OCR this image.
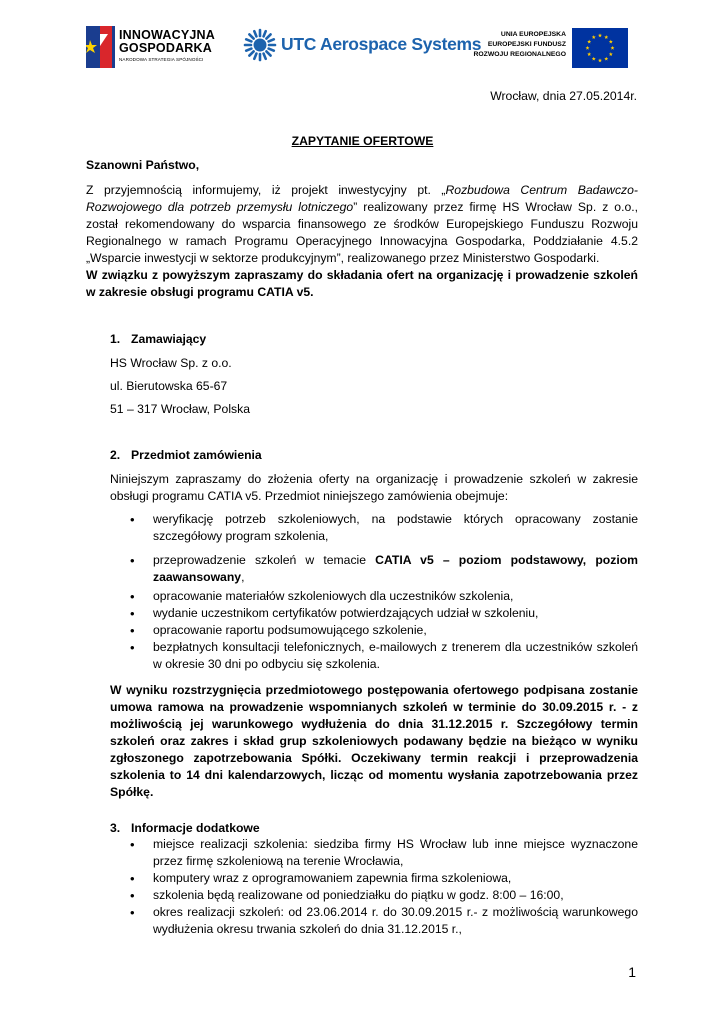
INNOWACYJNA
GOSPODARKA
NARODOWA STRATEGIA SPÓJNOŚCI
UTC Aerospace Systems	UNIA EUROPEJSKA
EUROPEJSKI FUNDUSZ
ROZWOJU REGIONALNEGO
Wrocław, dnia 27.05.2014r.
ZAPYTANIE OFERTOWE
Szanowni Państwo,
Z przyjemnością informujemy, iż projekt inwestycyjny pt. „Rozbudowa Centrum Badawczo-Rozwojowego dla potrzeb przemysłu lotniczego” realizowany przez firmę HS Wrocław Sp. z o.o., został rekomendowany do wsparcia finansowego ze środków Europejskiego Funduszu Rozwoju Regionalnego w ramach Programu Operacyjnego Innowacyjna Gospodarka, Poddziałanie 4.5.2 „Wsparcie inwestycji w sektorze produkcyjnym”, realizowanego przez Ministerstwo Gospodarki.
W związku z powyższym zapraszamy do składania ofert na organizację i prowadzenie szkoleń w zakresie obsługi programu CATIA v5.
1. Zamawiający
HS Wrocław Sp. z o.o.
ul. Bierutowska 65-67
51 – 317 Wrocław, Polska
2. Przedmiot zamówienia
Niniejszym zapraszamy do złożenia oferty na organizację i prowadzenie szkoleń w zakresie obsługi programu CATIA v5. Przedmiot niniejszego zamówienia obejmuje:
• weryfikację potrzeb szkoleniowych, na podstawie których opracowany zostanie szczegółowy program szkolenia,
• przeprowadzenie szkoleń w temacie CATIA v5 – poziom podstawowy, poziom zaawansowany,
• opracowanie materiałów szkoleniowych dla uczestników szkolenia,
• wydanie uczestnikom certyfikatów potwierdzających udział w szkoleniu,
• opracowanie raportu podsumowującego szkolenie,
• bezpłatnych konsultacji telefonicznych, e-mailowych z trenerem dla uczestników szkoleń w okresie 30 dni po odbyciu się szkolenia.
W wyniku rozstrzygnięcia przedmiotowego postępowania ofertowego podpisana zostanie umowa ramowa na prowadzenie wspomnianych szkoleń w terminie do 30.09.2015 r. - z możliwością jej warunkowego wydłużenia do dnia 31.12.2015 r. Szczegółowy termin szkoleń oraz zakres i skład grup szkoleniowych podawany będzie na bieżąco w wyniku zgłoszonego zapotrzebowania Spółki. Oczekiwany termin reakcji i przeprowadzenia szkolenia to 14 dni kalendarzowych, licząc od momentu wysłania zapotrzebowania przez Spółkę.
3. Informacje dodatkowe
• miejsce realizacji szkolenia: siedziba firmy HS Wrocław lub inne miejsce wyznaczone przez firmę szkoleniową na terenie Wrocławia,
• komputery wraz z oprogramowaniem zapewnia firma szkoleniowa,
• szkolenia będą realizowane od poniedziałku do piątku w godz. 8:00 – 16:00,
• okres realizacji szkoleń: od 23.06.2014 r. do 30.09.2015 r.- z możliwością warunkowego wydłużenia okresu trwania szkoleń do dnia 31.12.2015 r.,
1
